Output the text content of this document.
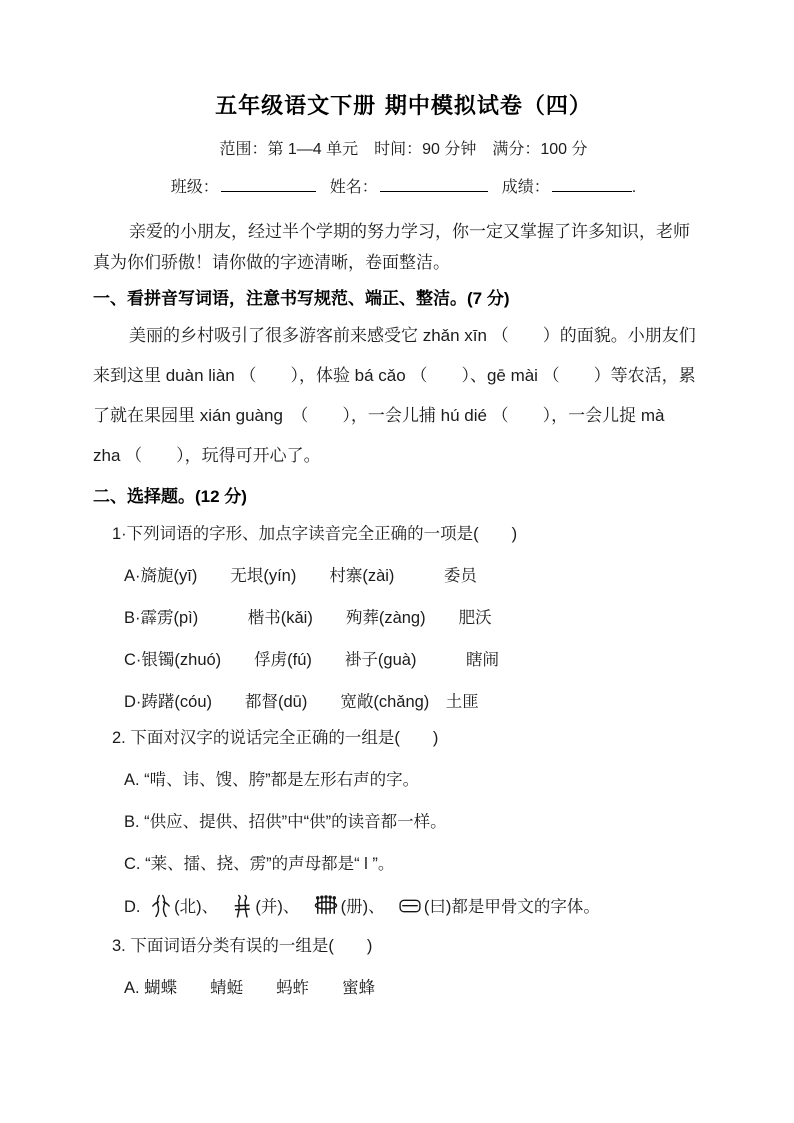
五年级语文下册 期中模拟试卷（四）
范围：第 1—4 单元　时间：90 分钟　满分：100 分
班级：	姓名：	成绩：	.
亲爱的小朋友，经过半个学期的努力学习，你一定又掌握了许多知识，老师
真为你们骄傲！请你做的字迹清晰，卷面整洁。
一、看拼音写词语，注意书写规范、端正、整洁。(7 分)
美丽的乡村吸引了很多游客前来感受它 zhǎn xīn （　　）的面貌。小朋友们
来到这里 duàn liàn （　　），体验 bá cǎo （　　）、gē mài （　　）等农活，累
了就在果园里 xián guàng　（　　），一会儿捕 hú dié （　　），一会儿捉 mà
zha （　　），玩得可开心了。
二、选择题。(12 分)
1·下列词语的字形、加点字读音完全正确的一项是(　　)
A·旖旎(yī)　　无垠(yín)　　村寨(zài)　　　委员
B·霹雳(pì)　　　楷书(kǎi)　　殉葬(zàng)　　肥沃
C·银镯(zhuó)　　俘虏(fú)　　褂子(guà)　　　瞎闹
D·踌躇(cóu)　　都督(dū)　　宽敞(chǎng)　土匪
2. 下面对汉字的说话完全正确的一组是(　　)
A. “啃、讳、馊、胯”都是左形右声的字。
B. “供应、提供、招供”中“供”的读音都一样。
C. “莱、擂、挠、雳”的声母都是“ l ”。
D. (北)、　(并)、　(册)、　(曰)都是甲骨文的字体。
3. 下面词语分类有误的一组是(　　)
A. 蝴蝶　　蜻蜓　　蚂蚱　　蜜蜂
